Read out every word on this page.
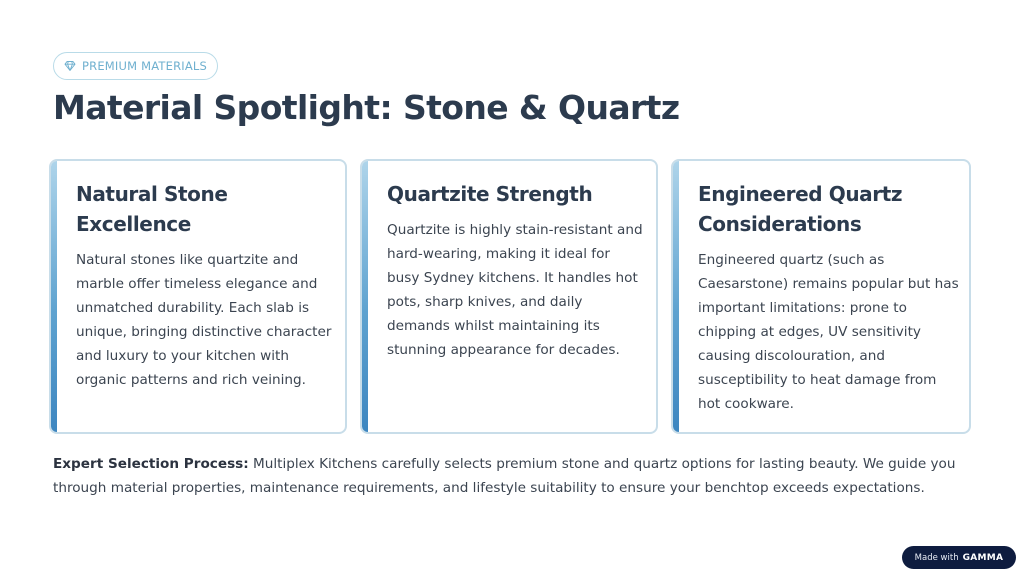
PREMIUM MATERIALS
Material Spotlight: Stone & Quartz
Natural Stone Excellence

Natural stones like quartzite and marble offer timeless elegance and unmatched durability. Each slab is unique, bringing distinctive character and luxury to your kitchen with organic patterns and rich veining.

Quartzite Strength

Quartzite is highly stain-resistant and hard-wearing, making it ideal for busy Sydney kitchens. It handles hot pots, sharp knives, and daily demands whilst maintaining its stunning appearance for decades.

Engineered Quartz Considerations

Engineered quartz (such as Caesarstone) remains popular but has important limitations: prone to chipping at edges, UV sensitivity causing discolouration, and susceptibility to heat damage from hot cookware.

Expert Selection Process: Multiplex Kitchens carefully selects premium stone and quartz options for lasting beauty. We guide you through material properties, maintenance requirements, and lifestyle suitability to ensure your benchtop exceeds expectations.

Made with GAMMA
